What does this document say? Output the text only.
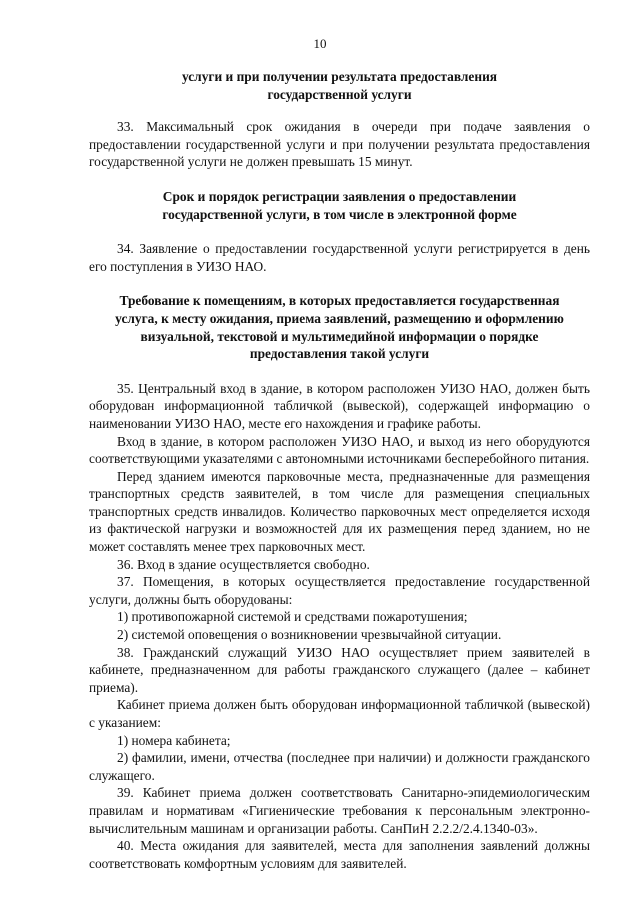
10

услуги и при получении результата предоставления государственной услуги

33. Максимальный срок ожидания в очереди при подаче заявления о предоставлении государственной услуги и при получении результата предоставления государственной услуги не должен превышать 15 минут.

Срок и порядок регистрации заявления о предоставлении государственной услуги, в том числе в электронной форме

34. Заявление о предоставлении государственной услуги регистрируется в день его поступления в УИЗО НАО.

Требование к помещениям, в которых предоставляется государственная услуга, к месту ожидания, приема заявлений, размещению и оформлению визуальной, текстовой и мультимедийной информации о порядке предоставления такой услуги

35. Центральный вход в здание, в котором расположен УИЗО НАО, должен быть оборудован информационной табличкой (вывеской), содержащей информацию о наименовании УИЗО НАО, месте его нахождения и графике работы.

Вход в здание, в котором расположен УИЗО НАО, и выход из него оборудуются соответствующими указателями с автономными источниками бесперебойного питания.

Перед зданием имеются парковочные места, предназначенные для размещения транспортных средств заявителей, в том числе для размещения специальных транспортных средств инвалидов. Количество парковочных мест определяется исходя из фактической нагрузки и возможностей для их размещения перед зданием, но не может составлять менее трех парковочных мест.

36. Вход в здание осуществляется свободно.

37. Помещения, в которых осуществляется предоставление государственной услуги, должны быть оборудованы:

1) противопожарной системой и средствами пожаротушения;

2) системой оповещения о возникновении чрезвычайной ситуации.

38. Гражданский служащий УИЗО НАО осуществляет прием заявителей в кабинете, предназначенном для работы гражданского служащего (далее – кабинет приема).

Кабинет приема должен быть оборудован информационной табличкой (вывеской) с указанием:

1) номера кабинета;

2) фамилии, имени, отчества (последнее при наличии) и должности гражданского служащего.

39. Кабинет приема должен соответствовать Санитарно-эпидемиологическим правилам и нормативам «Гигиенические требования к персональным электронно-вычислительным машинам и организации работы. СанПиН 2.2.2/2.4.1340-03».

40. Места ожидания для заявителей, места для заполнения заявлений должны соответствовать комфортным условиям для заявителей.
